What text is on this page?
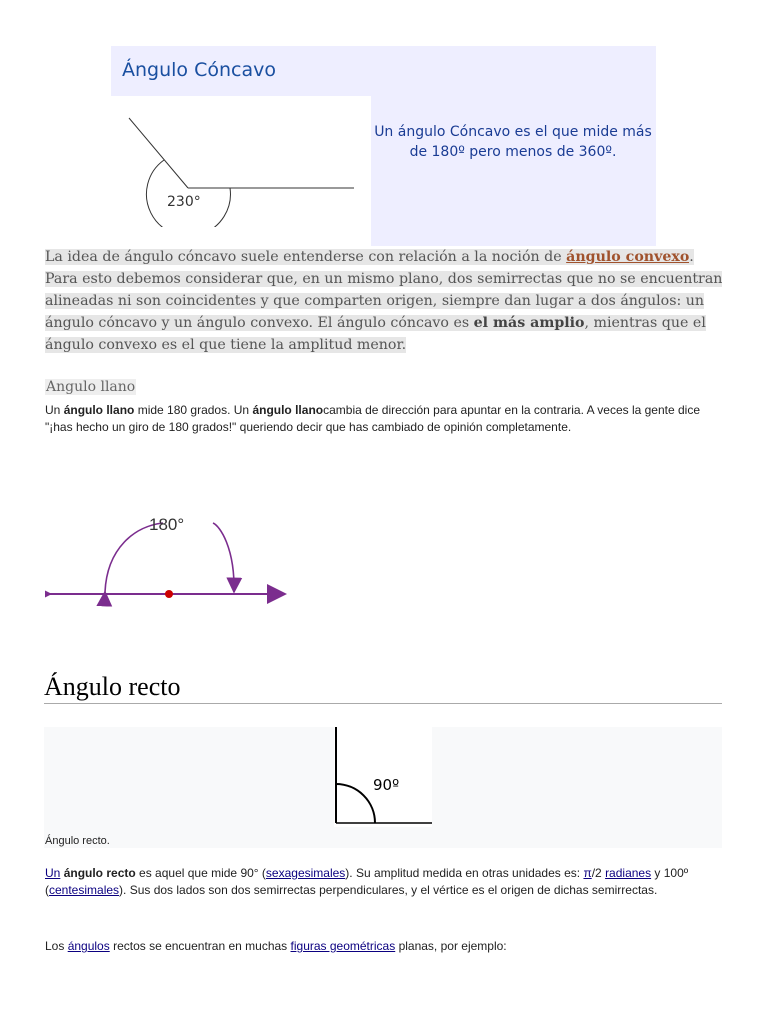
Ángulo Cóncavo
Un ángulo Cóncavo es el que mide más de 180º pero menos de 360º.
230°
La idea de ángulo cóncavo suele entenderse con relación a la noción de ángulo convexo. Para esto debemos considerar que, en un mismo plano, dos semirrectas que no se encuentran alineadas ni son coincidentes y que comparten origen, siempre dan lugar a dos ángulos: un ángulo cóncavo y un ángulo convexo. El ángulo cóncavo es el más amplio, mientras que el ángulo convexo es el que tiene la amplitud menor.
Angulo llano
Un ángulo llano mide 180 grados. Un ángulo llanocambia de dirección para apuntar en la contraria. A veces la gente dice "¡has hecho un giro de 180 grados!" queriendo decir que has cambiado de opinión completamente.
180°
Ángulo recto
90º
Ángulo recto.
Un ángulo recto es aquel que mide 90° (sexagesimales). Su amplitud medida en otras unidades es: π/2 radianes y 100º (centesimales). Sus dos lados son dos semirrectas perpendiculares, y el vértice es el origen de dichas semirrectas.
Los ángulos rectos se encuentran en muchas figuras geométricas planas, por ejemplo:
